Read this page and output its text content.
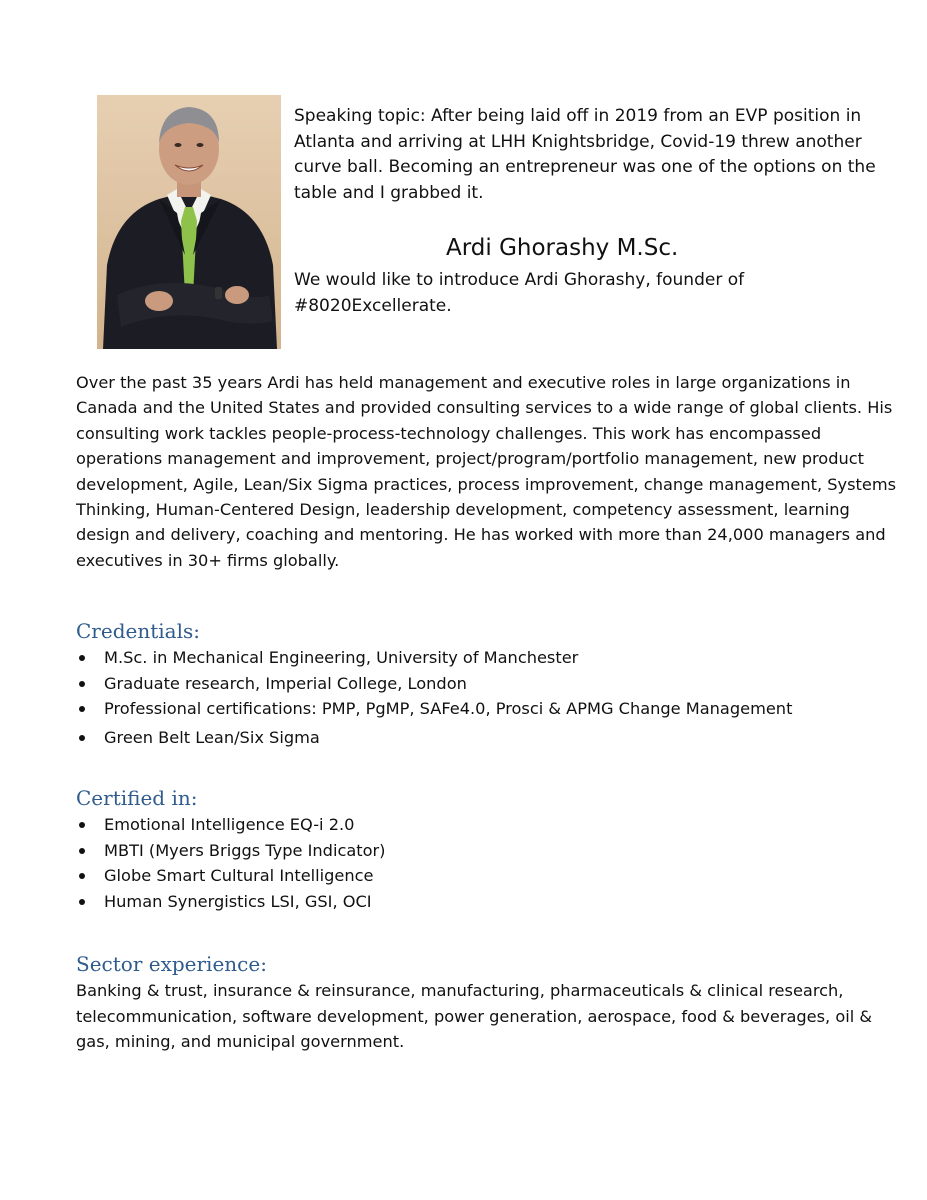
Speaking topic: After being laid off in 2019 from an EVP position in Atlanta and arriving at LHH Knightsbridge, Covid-19 threw another curve ball. Becoming an entrepreneur was one of the options on the table and I grabbed it.

Ardi Ghorashy M.Sc.

We would like to introduce Ardi Ghorashy, founder of #8020Excellerate.

Over the past 35 years Ardi has held management and executive roles in large organizations in Canada and the United States and provided consulting services to a wide range of global clients. His consulting work tackles people-process-technology challenges. This work has encompassed operations management and improvement, project/program/portfolio management, new product development, Agile, Lean/Six Sigma practices, process improvement, change management, Systems Thinking, Human-Centered Design, leadership development, competency assessment, learning design and delivery, coaching and mentoring. He has worked with more than 24,000 managers and executives in 30+ firms globally.

Credentials:
M.Sc. in Mechanical Engineering, University of Manchester
Graduate research, Imperial College, London
Professional certifications: PMP, PgMP, SAFe4.0, Prosci & APMG Change Management
Green Belt Lean/Six Sigma
Certified in:
Emotional Intelligence EQ-i 2.0
MBTI (Myers Briggs Type Indicator)
Globe Smart Cultural Intelligence
Human Synergistics LSI, GSI, OCI
Sector experience:

Banking & trust, insurance & reinsurance, manufacturing, pharmaceuticals & clinical research, telecommunication, software development, power generation, aerospace, food & beverages, oil & gas, mining, and municipal government.
